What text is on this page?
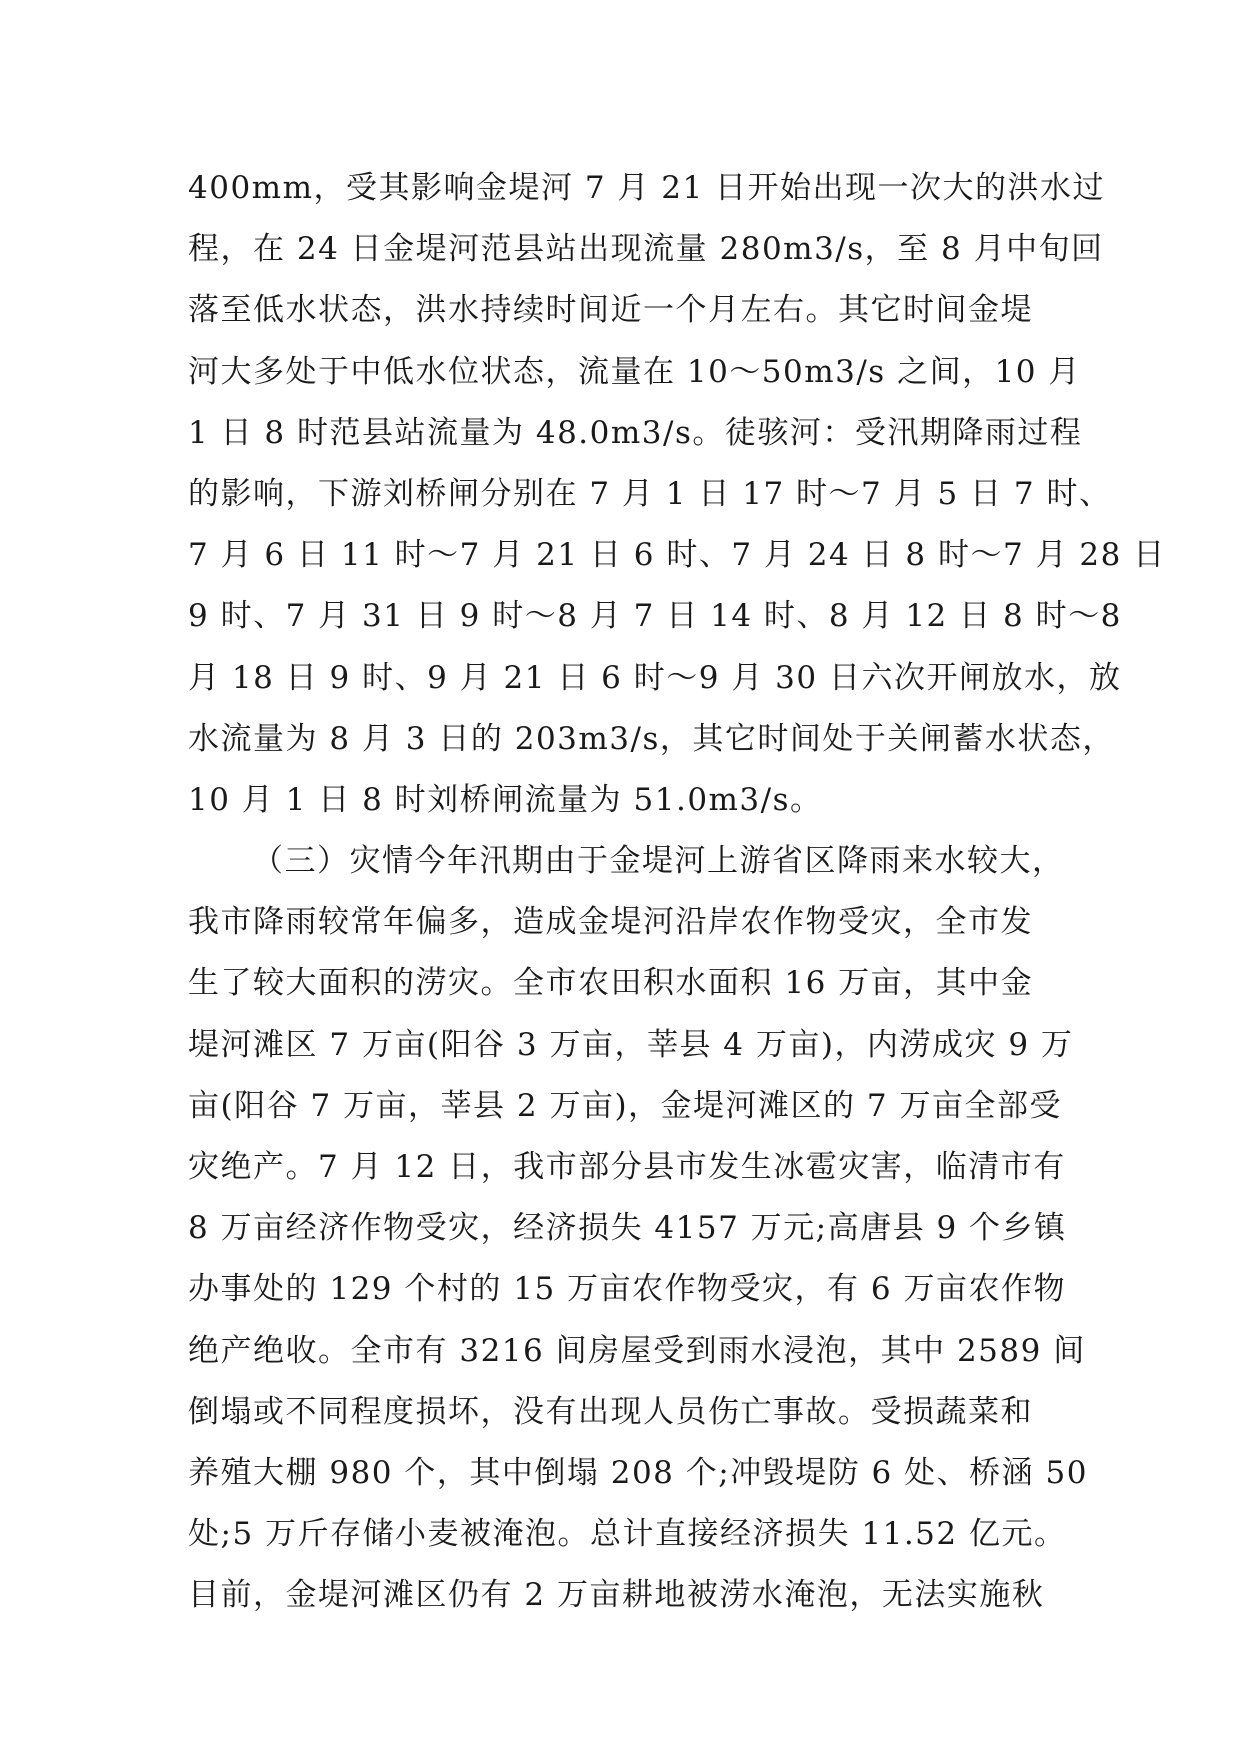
400mm，受其影响金堤河 7 月 21 日开始出现一次大的洪水过
程，在 24 日金堤河范县站出现流量 280m3/s，至 8 月中旬回
落至低水状态，洪水持续时间近一个月左右。其它时间金堤
河大多处于中低水位状态，流量在 10～50m3/s 之间，10 月
1 日 8 时范县站流量为 48.0m3/s。徒骇河：受汛期降雨过程
的影响，下游刘桥闸分别在 7 月 1 日 17 时～7 月 5 日 7 时、
7 月 6 日 11 时～7 月 21 日 6 时、7 月 24 日 8 时～7 月 28 日
9 时、7 月 31 日 9 时～8 月 7 日 14 时、8 月 12 日 8 时～8
月 18 日 9 时、9 月 21 日 6 时～9 月 30 日六次开闸放水，放
水流量为 8 月 3 日的 203m3/s，其它时间处于关闸蓄水状态，
10 月 1 日 8 时刘桥闸流量为 51.0m3/s。
（三）灾情今年汛期由于金堤河上游省区降雨来水较大，
我市降雨较常年偏多，造成金堤河沿岸农作物受灾，全市发
生了较大面积的涝灾。全市农田积水面积 16 万亩，其中金
堤河滩区 7 万亩(阳谷 3 万亩，莘县 4 万亩)，内涝成灾 9 万
亩(阳谷 7 万亩，莘县 2 万亩)，金堤河滩区的 7 万亩全部受
灾绝产。7 月 12 日，我市部分县市发生冰雹灾害，临清市有
8 万亩经济作物受灾，经济损失 4157 万元;高唐县 9 个乡镇
办事处的 129 个村的 15 万亩农作物受灾，有 6 万亩农作物
绝产绝收。全市有 3216 间房屋受到雨水浸泡，其中 2589 间
倒塌或不同程度损坏，没有出现人员伤亡事故。受损蔬菜和
养殖大棚 980 个，其中倒塌 208 个;冲毁堤防 6 处、桥涵 50
处;5 万斤存储小麦被淹泡。总计直接经济损失 11.52 亿元。
目前，金堤河滩区仍有 2 万亩耕地被涝水淹泡，无法实施秋
